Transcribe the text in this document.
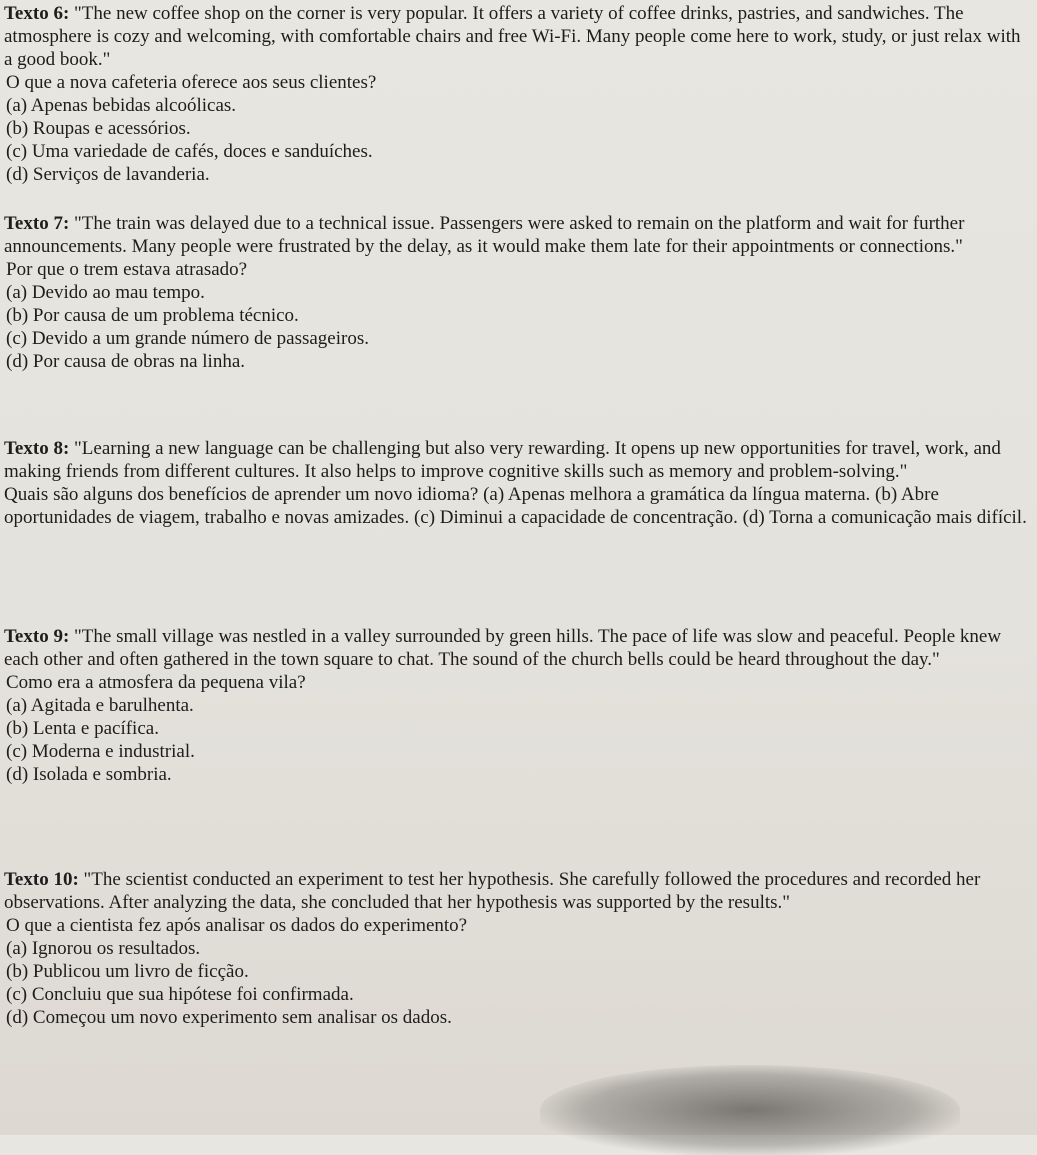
Texto 6: "The new coffee shop on the corner is very popular. It offers a variety of coffee drinks, pastries, and sandwiches. The atmosphere is cozy and welcoming, with comfortable chairs and free Wi-Fi. Many people come here to work, study, or just relax with a good book."

O que a nova cafeteria oferece aos seus clientes?

(a) Apenas bebidas alcoólicas.

(b) Roupas e acessórios.

(c) Uma variedade de cafés, doces e sanduíches.

(d) Serviços de lavanderia.

Texto 7: "The train was delayed due to a technical issue. Passengers were asked to remain on the platform and wait for further announcements. Many people were frustrated by the delay, as it would make them late for their appointments or connections."

Por que o trem estava atrasado?

(a) Devido ao mau tempo.

(b) Por causa de um problema técnico.

(c) Devido a um grande número de passageiros.

(d) Por causa de obras na linha.

Texto 8: "Learning a new language can be challenging but also very rewarding. It opens up new opportunities for travel, work, and making friends from different cultures. It also helps to improve cognitive skills such as memory and problem-solving."

Quais são alguns dos benefícios de aprender um novo idioma? (a) Apenas melhora a gramática da língua materna. (b) Abre oportunidades de viagem, trabalho e novas amizades. (c) Diminui a capacidade de concentração. (d) Torna a comunicação mais difícil.

Texto 9: "The small village was nestled in a valley surrounded by green hills. The pace of life was slow and peaceful. People knew each other and often gathered in the town square to chat. The sound of the church bells could be heard throughout the day."

Como era a atmosfera da pequena vila?

(a) Agitada e barulhenta.

(b) Lenta e pacífica.

(c) Moderna e industrial.

(d) Isolada e sombria.

Texto 10: "The scientist conducted an experiment to test her hypothesis. She carefully followed the procedures and recorded her observations. After analyzing the data, she concluded that her hypothesis was supported by the results."

O que a cientista fez após analisar os dados do experimento?

(a) Ignorou os resultados.

(b) Publicou um livro de ficção.

(c) Concluiu que sua hipótese foi confirmada.

(d) Começou um novo experimento sem analisar os dados.
